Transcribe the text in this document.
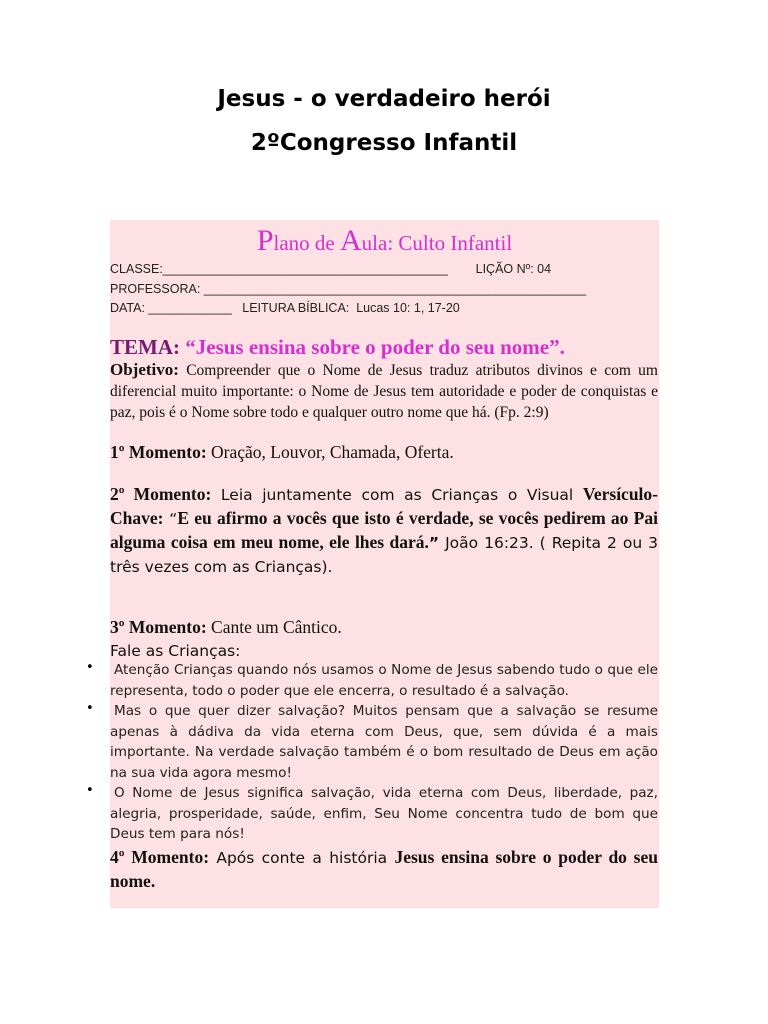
Jesus - o verdadeiro herói
2ºCongresso Infantil
Plano de Aula: Culto Infantil
CLASSE:_________________________________________        LIÇÃO Nº: 04
PROFESSORA: _______________________________________________________
DATA: ____________   LEITURA BÍBLICA:  Lucas 10: 1, 17-20
TEMA: “Jesus ensina sobre o poder do seu nome”.
Objetivo: Compreender que o Nome de Jesus traduz atributos divinos e com um diferencial muito importante: o Nome de Jesus tem autoridade e poder de conquistas e paz, pois é o Nome sobre todo e qualquer outro nome que há. (Fp. 2:9)
1º Momento: Oração, Louvor, Chamada, Oferta.
2º Momento: Leia juntamente com as Crianças o Visual Versículo-Chave: “E eu afirmo a vocês que isto é verdade, se vocês pedirem ao Pai alguma coisa em meu nome, ele lhes dará.” João 16:23. ( Repita 2 ou 3 três vezes com as Crianças).
3º Momento: Cante um Cântico.
Fale as Crianças:
• Atenção Crianças quando nós usamos o Nome de Jesus sabendo tudo o que ele representa, todo o poder que ele encerra, o resultado é a salvação.
• Mas o que quer dizer salvação? Muitos pensam que a salvação se resume apenas à dádiva da vida eterna com Deus, que, sem dúvida é a mais importante. Na verdade salvação também é o bom resultado de Deus em ação na sua vida agora mesmo!
• O Nome de Jesus significa salvação, vida eterna com Deus, liberdade, paz, alegria, prosperidade, saúde, enfim, Seu Nome concentra tudo de bom que Deus tem para nós!
4º Momento: Após conte a história Jesus ensina sobre o poder do seu nome.
